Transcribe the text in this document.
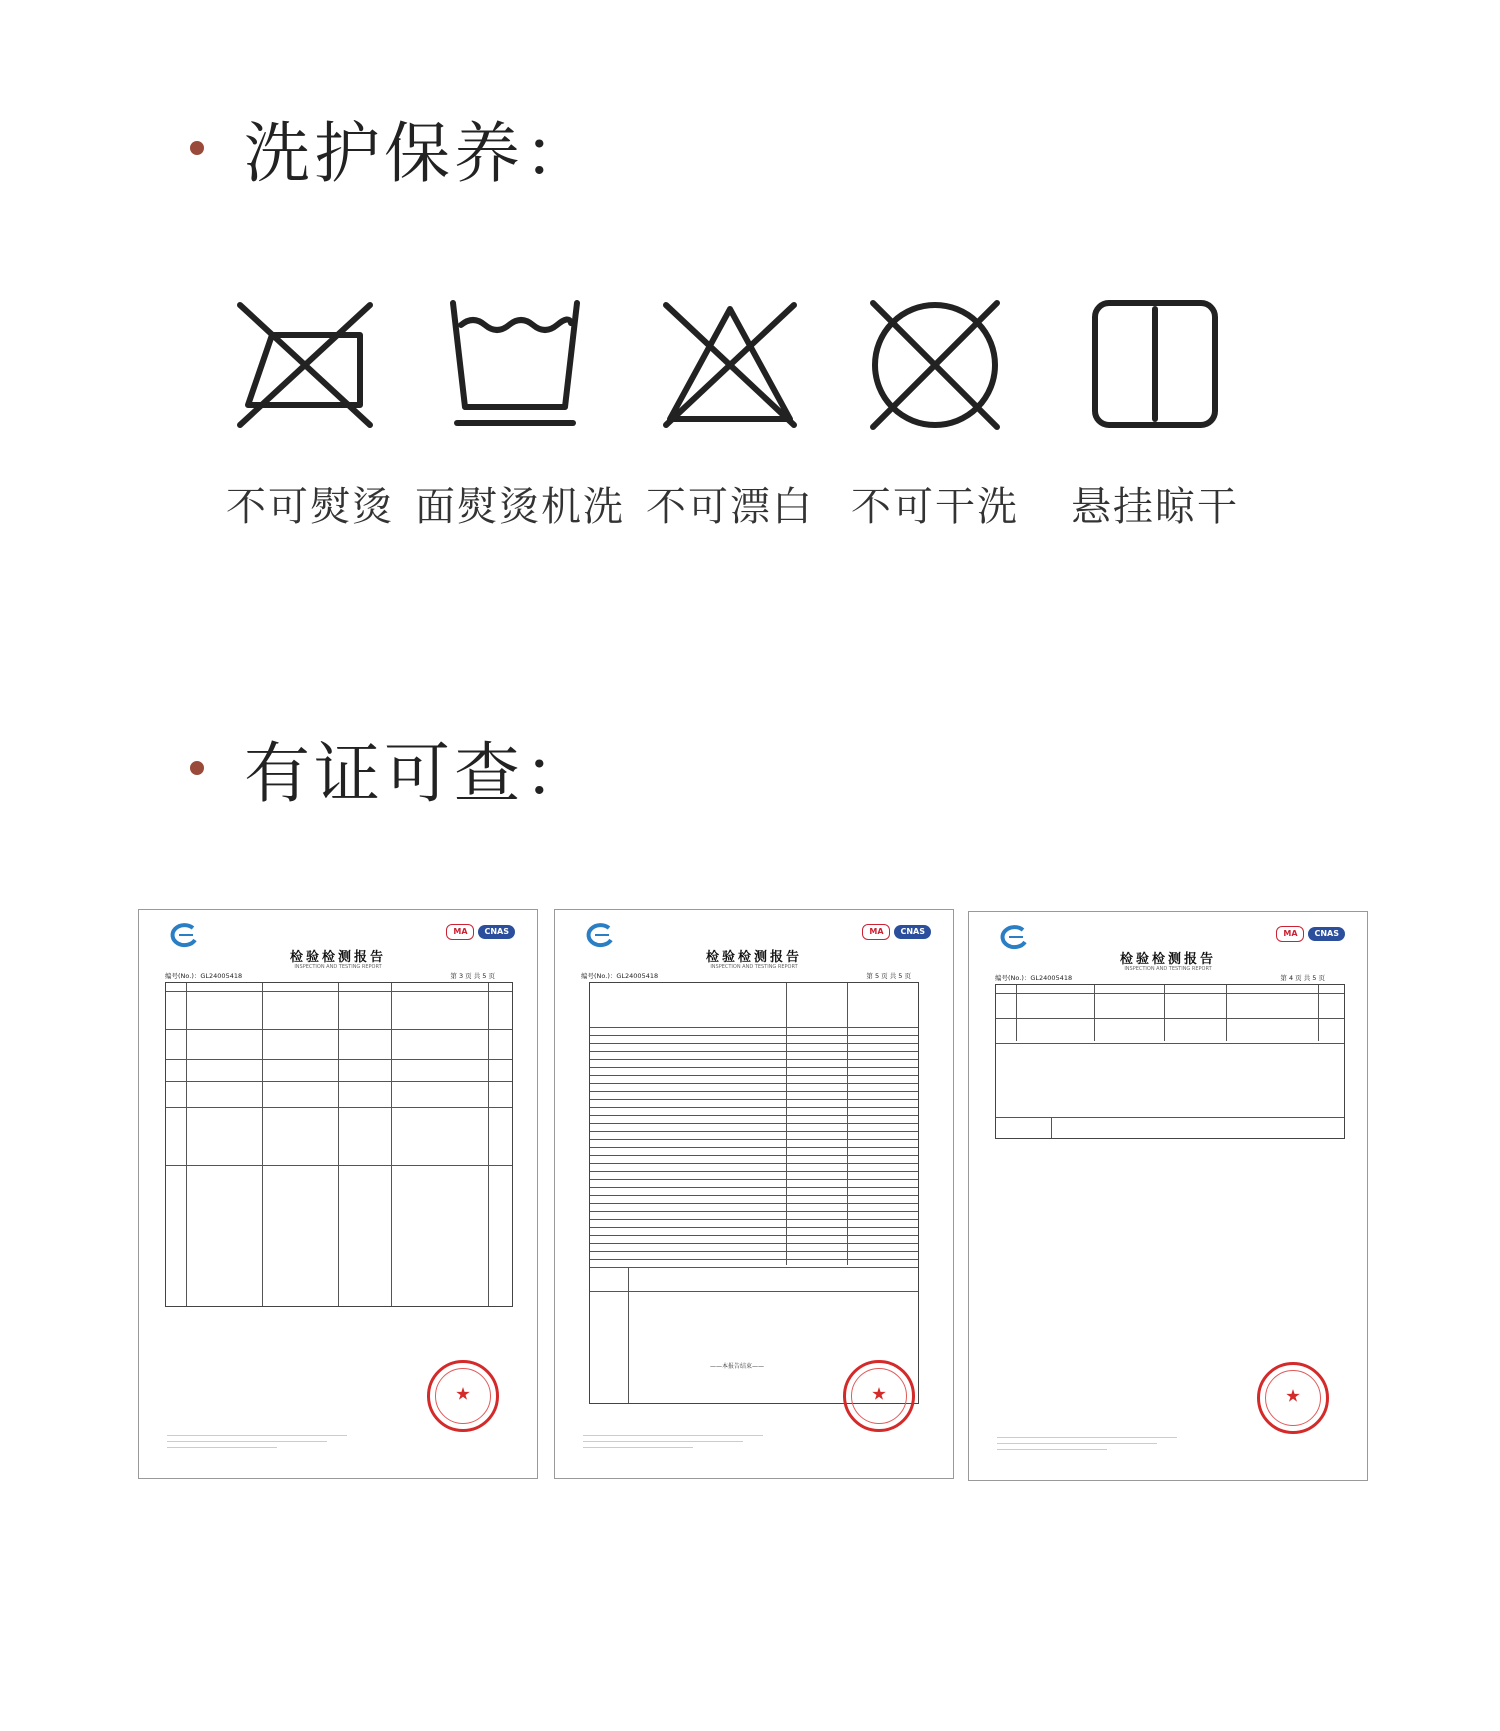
洗护保养：
不可熨烫 面熨烫机洗 不可漂白 不可干洗	悬挂晾干
有证可查：
MA	CNAS
检验检测报告
INSPECTION AND TESTING REPORT
编号(No.)：GL24005418	第 3 页 共 5 页
MA	CNAS
检验检测报告
INSPECTION AND TESTING REPORT
编号(No.)：GL24005418	第 5 页 共 5 页
——本报告结束——
MA	CNAS
检验检测报告
INSPECTION AND TESTING REPORT
编号(No.)：GL24005418	第 4 页 共 5 页
